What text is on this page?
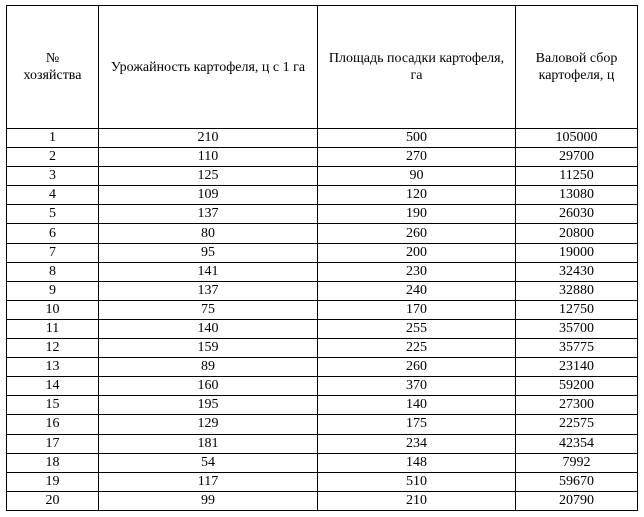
№
хозяйства	Урожайность картофеля, ц с 1 га	Площадь посадки картофеля, га	Валовой сбор картофеля, ц
1	210	500	105000
2	110	270	29700
3	125	90	11250
4	109	120	13080
5	137	190	26030
6	80	260	20800
7	95	200	19000
8	141	230	32430
9	137	240	32880
10	75	170	12750
11	140	255	35700
12	159	225	35775
13	89	260	23140
14	160	370	59200
15	195	140	27300
16	129	175	22575
17	181	234	42354
18	54	148	7992
19	117	510	59670
20	99	210	20790
